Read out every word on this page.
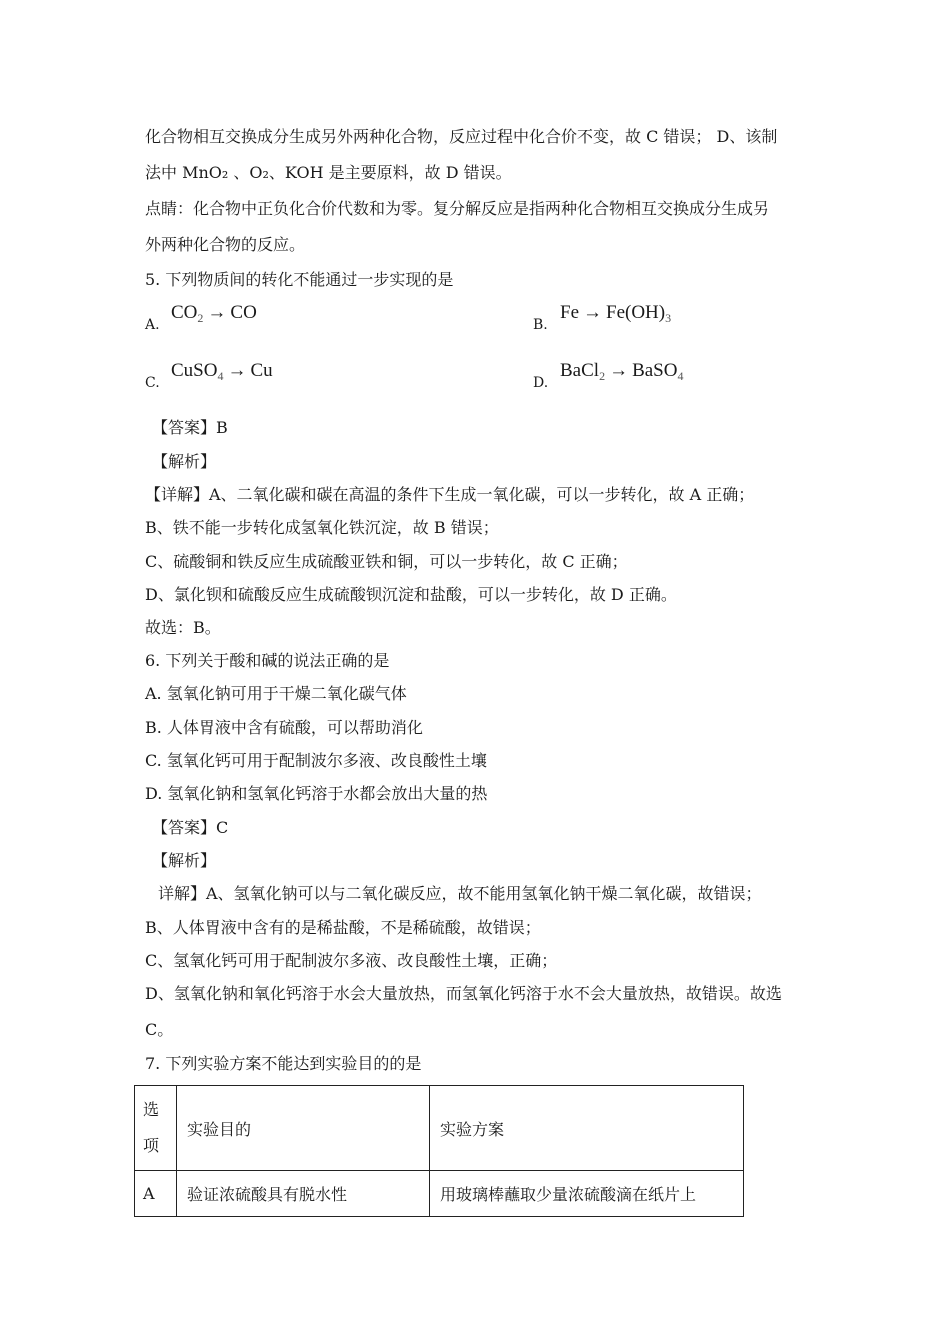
化合物相互交换成分生成另外两种化合物，反应过程中化合价不变，故 C 错误； D、该制
法中 MnO₂ 、O₂、KOH 是主要原料，故 D 错误。
点睛：化合物中正负化合价代数和为零。复分解反应是指两种化合物相互交换成分生成另
外两种化合物的反应。
5. 下列物质间的转化不能通过一步实现的是
A.
$CO_2$ → CO
B.
$Fe \to Fe(OH)_3$
C.
CuSO$_4$ → Cu
D.
BaCl$_2$ → BaSO$_4$
【答案】B
【解析】
【详解】A、二氧化碳和碳在高温的条件下生成一氧化碳，可以一步转化，故 A 正确；
B、铁不能一步转化成氢氧化铁沉淀，故 B 错误；
C、硫酸铜和铁反应生成硫酸亚铁和铜，可以一步转化，故 C 正确；
D、氯化钡和硫酸反应生成硫酸钡沉淀和盐酸，可以一步转化，故 D 正确。
故选：B。
6. 下列关于酸和碱的说法正确的是
A. 氢氧化钠可用于干燥二氧化碳气体
B. 人体胃液中含有硫酸，可以帮助消化
C. 氢氧化钙可用于配制波尔多液、改良酸性土壤
D. 氢氧化钠和氢氧化钙溶于水都会放出大量的热
【答案】C
【解析】
详解】A、氢氧化钠可以与二氧化碳反应，故不能用氢氧化钠干燥二氧化碳，故错误；
B、人体胃液中含有的是稀盐酸，不是稀硫酸，故错误；
C、氢氧化钙可用于配制波尔多液、改良酸性土壤，正确；
D、氢氧化钠和氧化钙溶于水会大量放热，而氢氧化钙溶于水不会大量放热，故错误。故选
C。
7. 下列实验方案不能达到实验目的的是
选
项	实验目的	实验方案
A	验证浓硫酸具有脱水性	用玻璃棒蘸取少量浓硫酸滴在纸片上
